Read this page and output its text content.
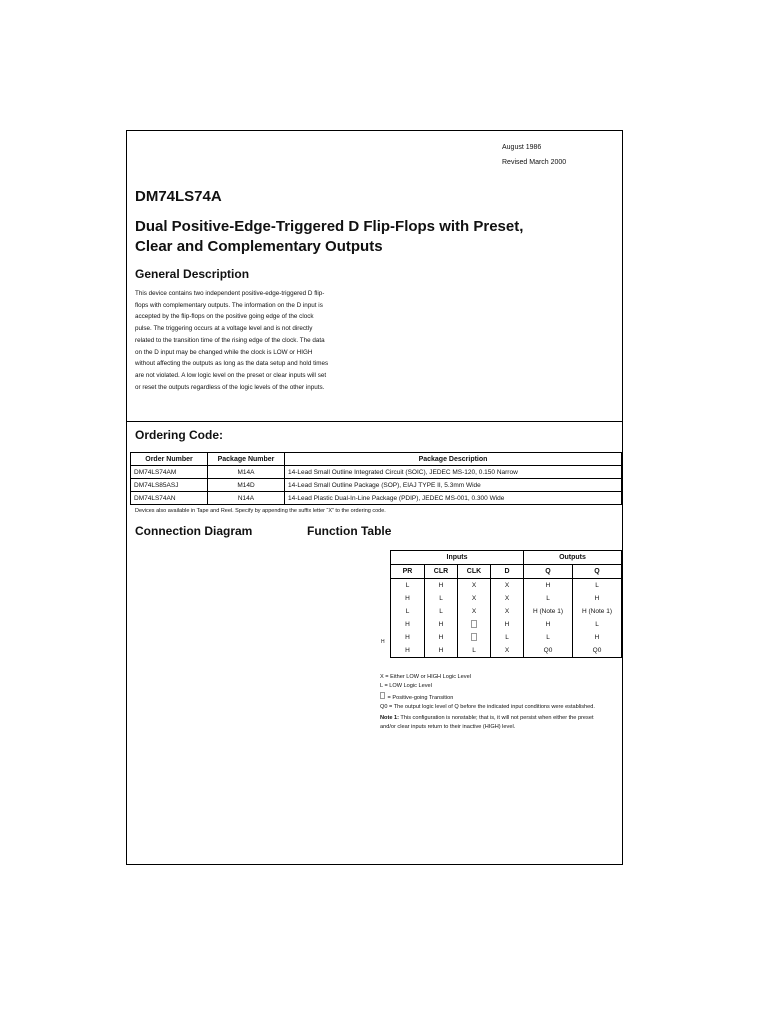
August 1986
Revised March 2000
DM74LS74A
Dual Positive-Edge-Triggered D Flip-Flops with Preset, Clear and Complementary Outputs
General Description
This device contains two independent positive-edge-triggered D flip-flops with complementary outputs. The information on the D input is accepted by the flip-flops on the positive going edge of the clock pulse. The triggering occurs at a voltage level and is not directly related to the transition time of the rising edge of the clock. The data on the D input may be changed while the clock is LOW or HIGH without affecting the outputs as long as the data setup and hold times are not violated. A low logic level on the preset or clear inputs will set or reset the outputs regardless of the logic levels of the other inputs.
Ordering Code:
Order Number	Package Number	Package Description
DM74LS74AM	M14A	14-Lead Small Outline Integrated Circuit (SOIC), JEDEC MS-120, 0.150 Narrow
DM74LS85ASJ	M14D	14-Lead Small Outline Package (SOP), EIAJ TYPE II, 5.3mm Wide
DM74LS74AN	N14A	14-Lead Plastic Dual-In-Line Package (PDIP), JEDEC MS-001, 0.300 Wide
Devices also available in Tape and Reel. Specify by appending the suffix letter “X” to the ordering code.
Connection Diagram	Function Table
H
Inputs				Outputs	
PR	CLR	CLK	D	Q	Q
L	H	X	X	H	L
H	L	X	X	L	H
L	L	X	X	H (Note 1)	H (Note 1)
H	H		H	H	L
H	H		L	L	H
H	H	L	X	Q0	Q0
X = Either LOW or HIGH Logic Level
L = LOW Logic Level
= Positive-going Transition
Q0 = The output logic level of Q before the indicated input conditions were established.
Note 1: This configuration is nonstable; that is, it will not persist when either the preset and/or clear inputs return to their inactive (HIGH) level.
